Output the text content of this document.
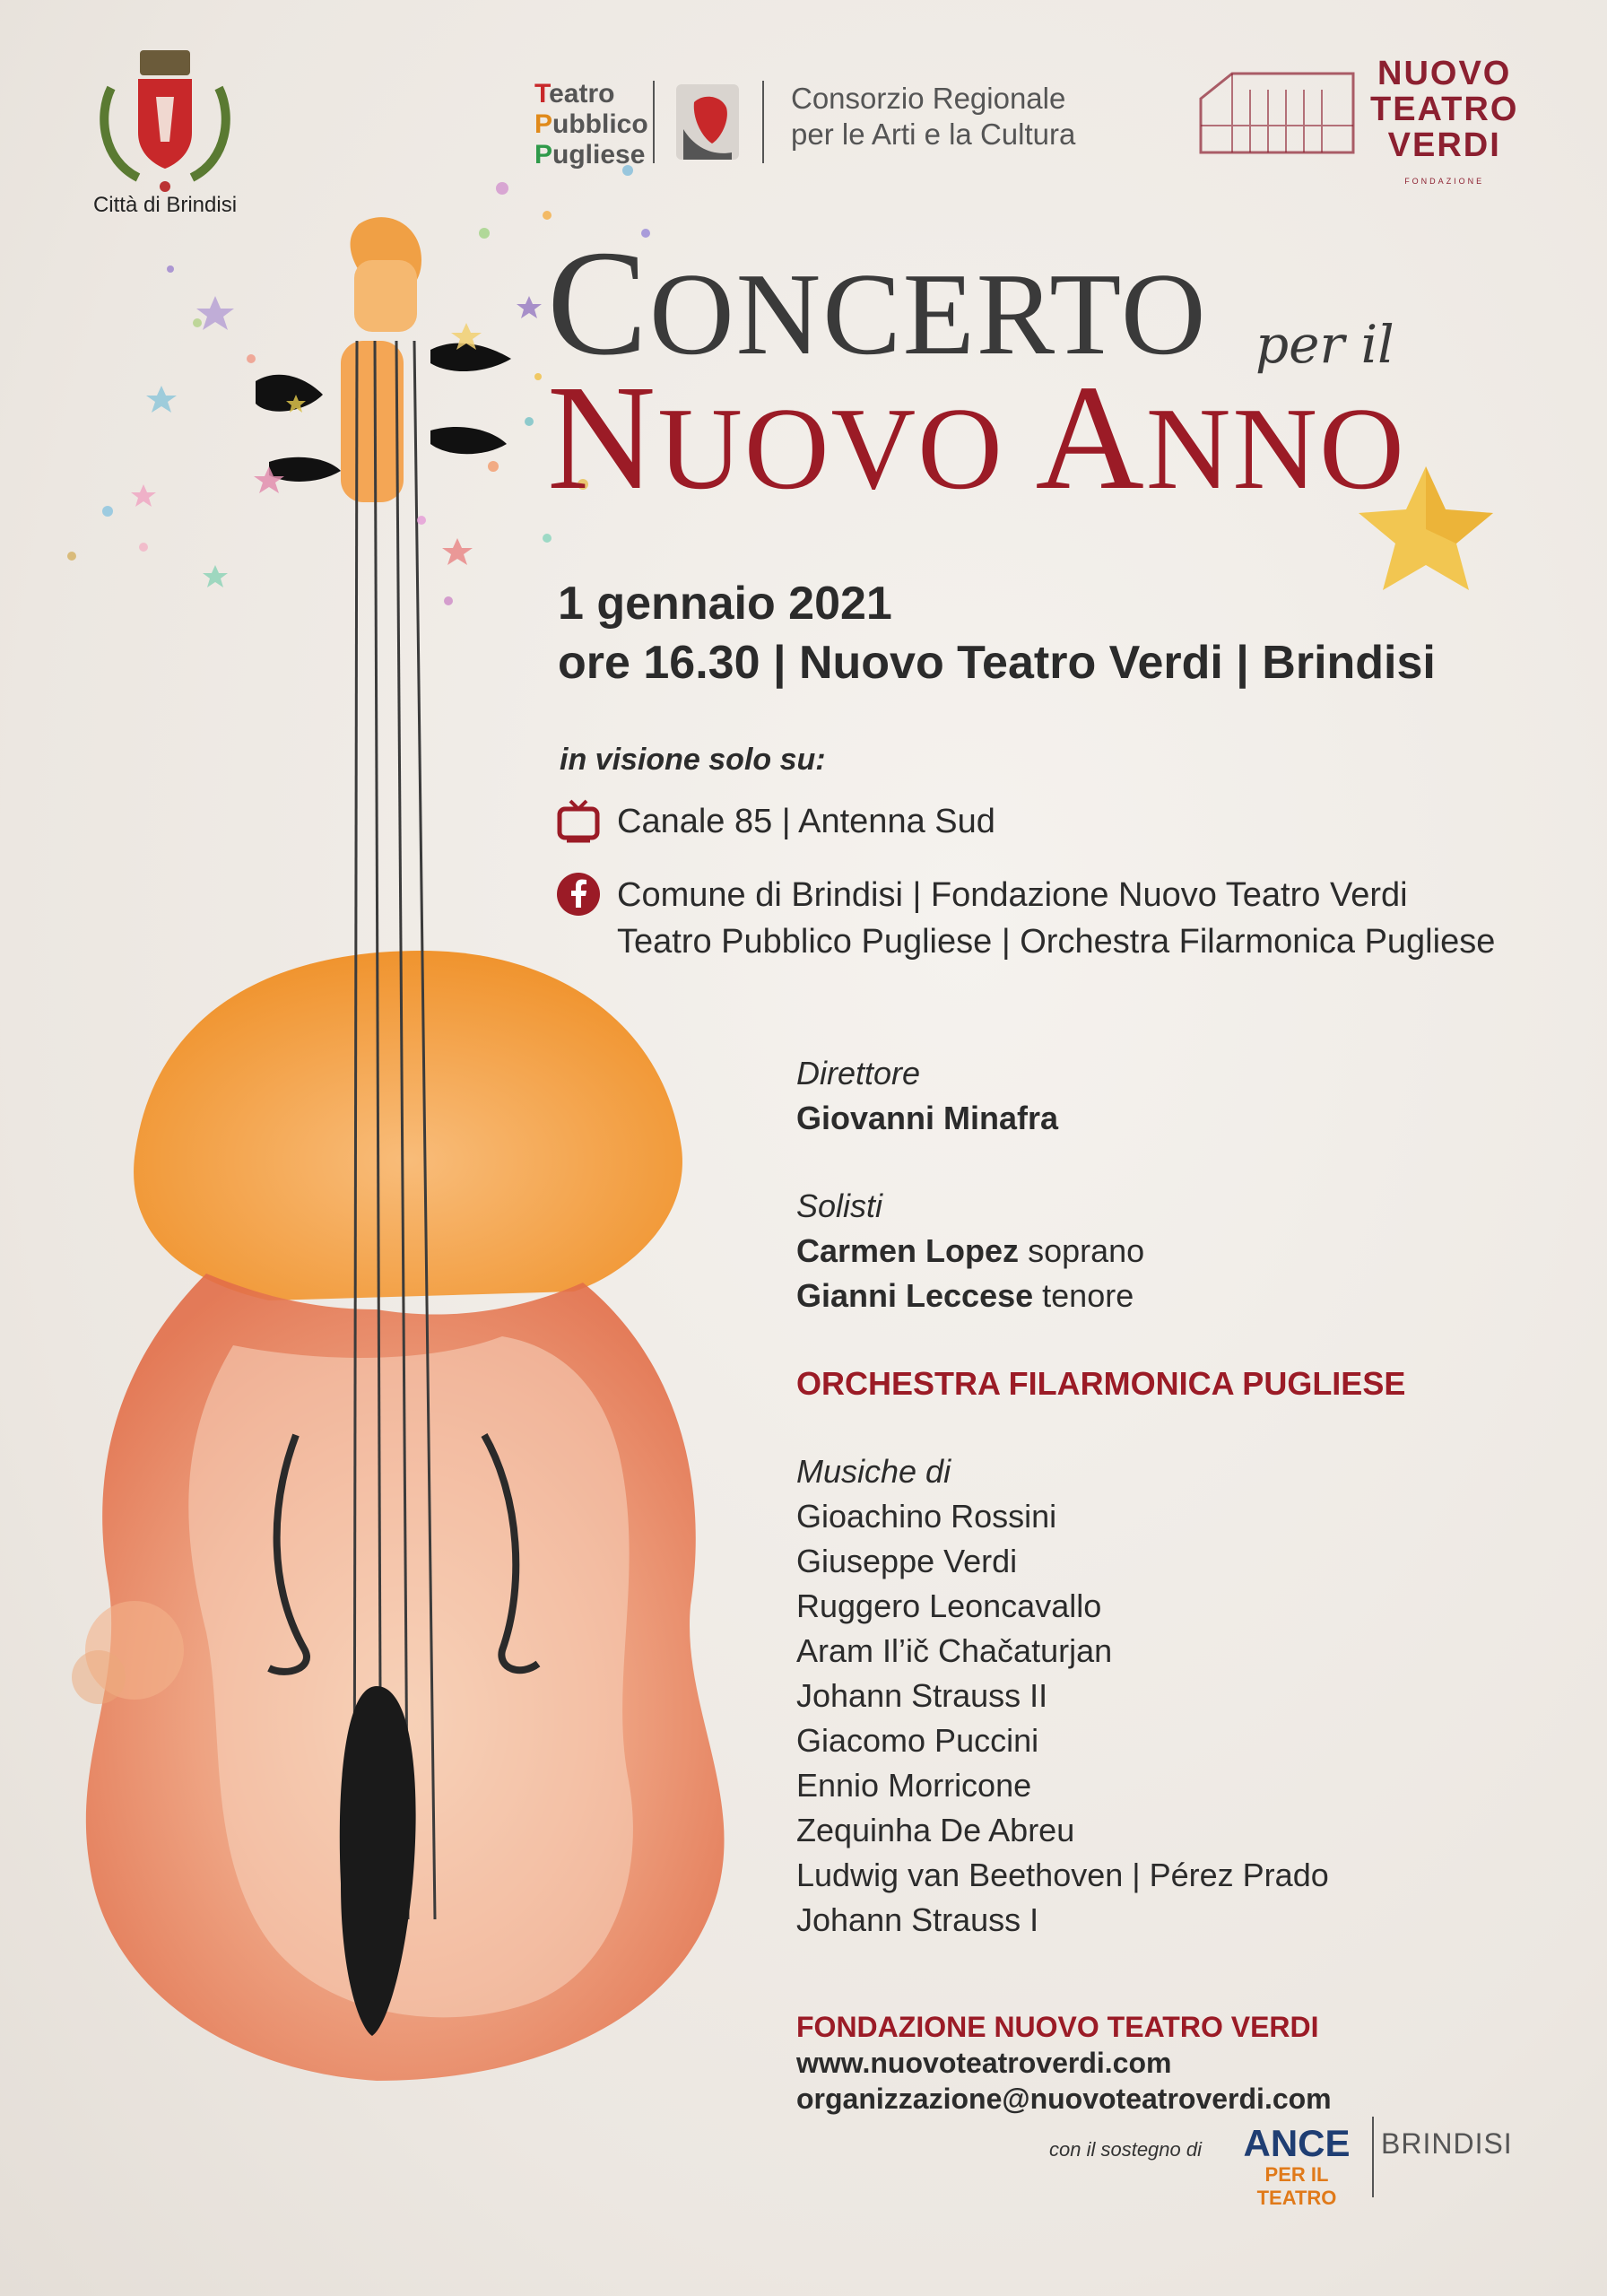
Città di Brindisi
Teatro
Pubblico
Pugliese
Consorzio Regionale
per le Arti e la Cultura
NUOVO
TEATRO
VERDI
FONDAZIONE
CONCERTO per il
NUOVO ANNO
1 gennaio 2021
ore 16.30 | Nuovo Teatro Verdi | Brindisi
in visione solo su:
Canale 85 | Antenna Sud
Comune di Brindisi | Fondazione Nuovo Teatro Verdi
Teatro Pubblico Pugliese | Orchestra Filarmonica Pugliese
Direttore
Giovanni Minafra
Solisti
Carmen Lopez soprano
Gianni Leccese tenore
ORCHESTRA FILARMONICA PUGLIESE
Musiche di
Gioachino Rossini
Giuseppe Verdi
Ruggero Leoncavallo
Aram Il’ič Chačaturjan
Johann Strauss II
Giacomo Puccini
Ennio Morricone
Zequinha De Abreu
Ludwig van Beethoven | Pérez Prado
Johann Strauss I
FONDAZIONE NUOVO TEATRO VERDI
www.nuovoteatroverdi.com
organizzazione@nuovoteatroverdi.com
con il sostegno di	ANCE
PER IL TEATRO
BRINDISI
